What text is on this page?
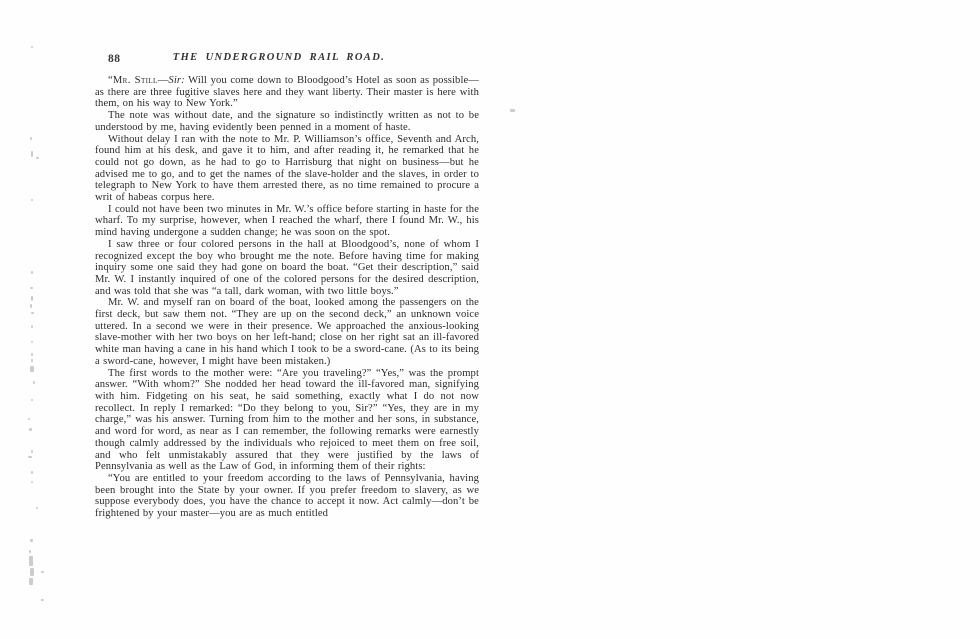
88	THE UNDERGROUND RAIL ROAD.

“Mr. Still—Sir: Will you come down to Bloodgood’s Hotel as soon as possible—as there are three fugitive slaves here and they want liberty. Their master is here with them, on his way to New York.”

The note was without date, and the signature so indistinctly written as not to be understood by me, having evidently been penned in a moment of haste.

Without delay I ran with the note to Mr. P. Williamson’s office, Seventh and Arch, found him at his desk, and gave it to him, and after reading it, he remarked that he could not go down, as he had to go to Harrisburg that night on business—but he advised me to go, and to get the names of the slave-holder and the slaves, in order to telegraph to New York to have them arrested there, as no time remained to procure a writ of habeas corpus here.

I could not have been two minutes in Mr. W.’s office before starting in haste for the wharf. To my surprise, however, when I reached the wharf, there I found Mr. W., his mind having undergone a sudden change; he was soon on the spot.

I saw three or four colored persons in the hall at Bloodgood’s, none of whom I recognized except the boy who brought me the note. Before having time for making inquiry some one said they had gone on board the boat. “Get their description,” said Mr. W. I instantly inquired of one of the colored persons for the desired description, and was told that she was “a tall, dark woman, with two little boys.”

Mr. W. and myself ran on board of the boat, looked among the passengers on the first deck, but saw them not. “They are up on the second deck,” an unknown voice uttered. In a second we were in their presence. We approached the anxious-looking slave-mother with her two boys on her left-hand; close on her right sat an ill-favored white man having a cane in his hand which I took to be a sword-cane. (As to its being a sword-cane, however, I might have been mistaken.)

The first words to the mother were: “Are you traveling?” “Yes,” was the prompt answer. “With whom?” She nodded her head toward the ill-favored man, signifying with him. Fidgeting on his seat, he said something, exactly what I do not now recollect. In reply I remarked: “Do they belong to you, Sir?” “Yes, they are in my charge,” was his answer. Turning from him to the mother and her sons, in substance, and word for word, as near as I can remember, the following remarks were earnestly though calmly addressed by the individuals who rejoiced to meet them on free soil, and who felt unmistakably assured that they were justified by the laws of Pennsylvania as well as the Law of God, in informing them of their rights:

“You are entitled to your freedom according to the laws of Pennsylvania, having been brought into the State by your owner. If you prefer freedom to slavery, as we suppose everybody does, you have the chance to accept it now. Act calmly—don’t be frightened by your master—you are as much entitled
